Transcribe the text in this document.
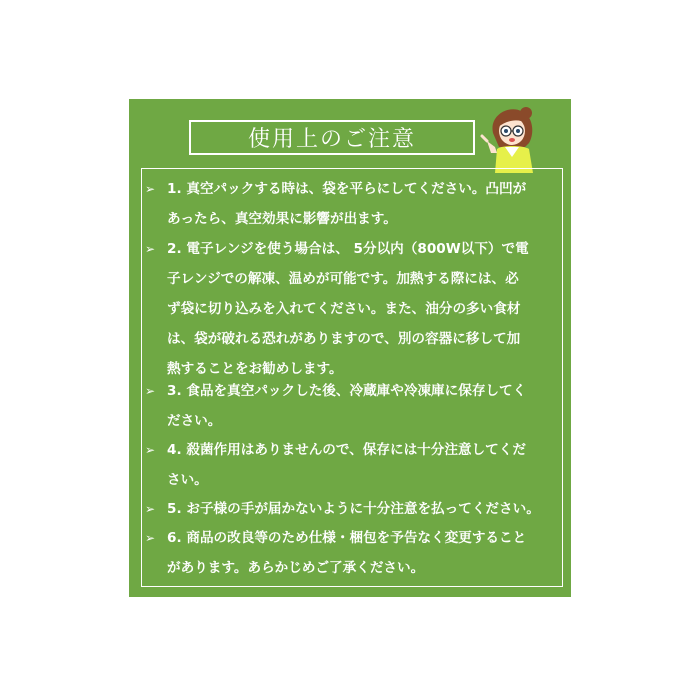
使用上のご注意
➢ 1. 真空パックする時は、袋を平らにしてください。凸凹が
あったら、真空効果に影響が出ます。
➢ 2. 電子レンジを使う場合は、 5分以内（800W以下）で電
子レンジでの解凍、温めが可能です。加熱する際には、必
ず袋に切り込みを入れてください。また、油分の多い食材
は、袋が破れる恐れがありますので、別の容器に移して加
熱することをお勧めします。
➢ 3. 食品を真空パックした後、冷蔵庫や冷凍庫に保存してく
ださい。
➢ 4. 殺菌作用はありませんので、保存には十分注意してくだ
さい。
➢ 5. お子様の手が届かないように十分注意を払ってください。
➢ 6. 商品の改良等のため仕様・梱包を予告なく変更すること
があります。あらかじめご了承ください。
